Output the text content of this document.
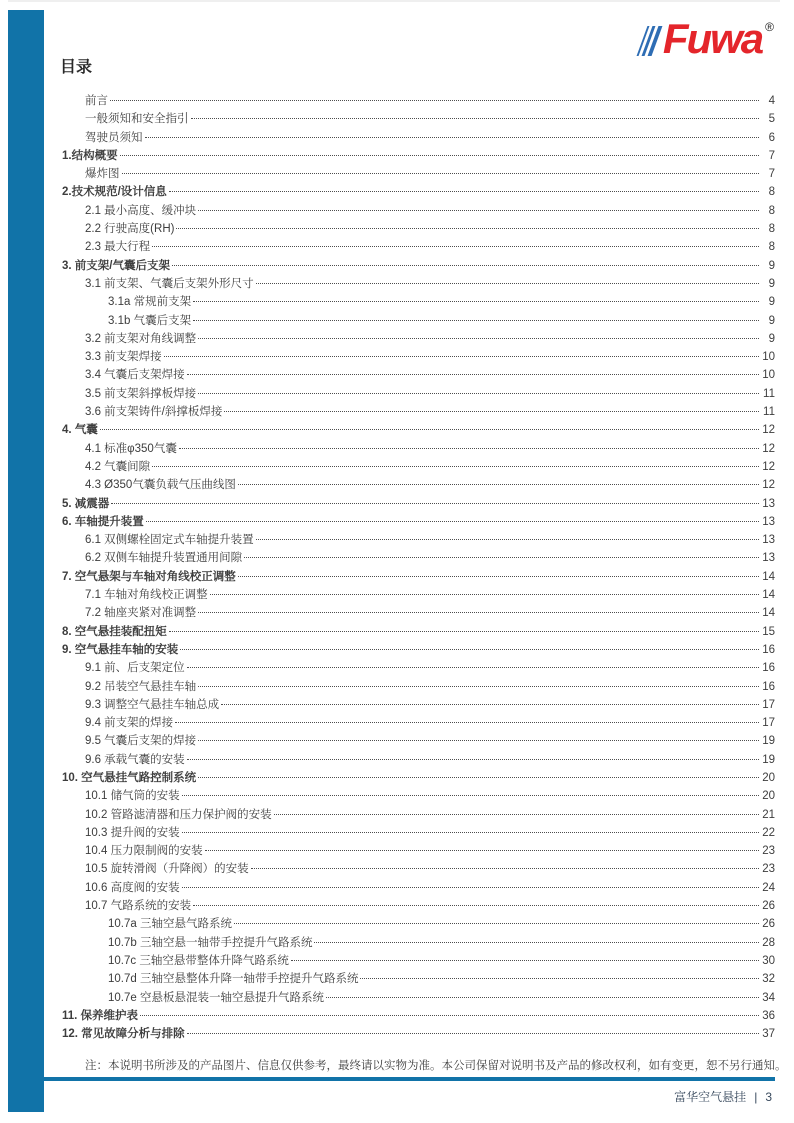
Fuwa ®
目录
前言	4
一般须知和安全指引	5
驾驶员须知	6
1.结构概要	7
爆炸图	7
2.技术规范/设计信息	8
2.1 最小高度、缓冲块	8
2.2 行驶高度(RH)	8
2.3 最大行程	8
3. 前支架/气囊后支架	9
3.1 前支架、气囊后支架外形尺寸	9
3.1a 常规前支架	9
3.1b 气囊后支架	9
3.2 前支架对角线调整	9
3.3 前支架焊接	10
3.4 气囊后支架焊接	10
3.5 前支架斜撑板焊接	11
3.6 前支架铸件/斜撑板焊接	11
4. 气囊	12
4.1 标准φ350气囊	12
4.2 气囊间隙	12
4.3 Ø350气囊负载气压曲线图	12
5. 减震器	13
6. 车轴提升装置	13
6.1 双侧螺栓固定式车轴提升装置	13
6.2 双侧车轴提升装置通用间隙	13
7. 空气悬架与车轴对角线校正调整	14
7.1 车轴对角线校正调整	14
7.2 轴座夹紧对准调整	14
8. 空气悬挂装配扭矩	15
9. 空气悬挂车轴的安装	16
9.1 前、后支架定位	16
9.2 吊装空气悬挂车轴	16
9.3 调整空气悬挂车轴总成	17
9.4 前支架的焊接	17
9.5 气囊后支架的焊接	19
9.6 承载气囊的安装	19
10. 空气悬挂气路控制系统	20
10.1 储气筒的安装	20
10.2 管路滤清器和压力保护阀的安装	21
10.3 提升阀的安装	22
10.4 压力限制阀的安装	23
10.5 旋转滑阀（升降阀）的安装	23
10.6 高度阀的安装	24
10.7 气路系统的安装	26
10.7a 三轴空悬气路系统	26
10.7b 三轴空悬一轴带手控提升气路系统	28
10.7c 三轴空悬带整体升降气路系统	30
10.7d 三轴空悬整体升降一轴带手控提升气路系统	32
10.7e 空悬板悬混装一轴空悬提升气路系统	34
11. 保养维护表	36
12. 常见故障分析与排除	37
注：本说明书所涉及的产品图片、信息仅供参考，最终请以实物为准。本公司保留对说明书及产品的修改权利，如有变更，恕不另行通知。
富华空气悬挂 | 3
